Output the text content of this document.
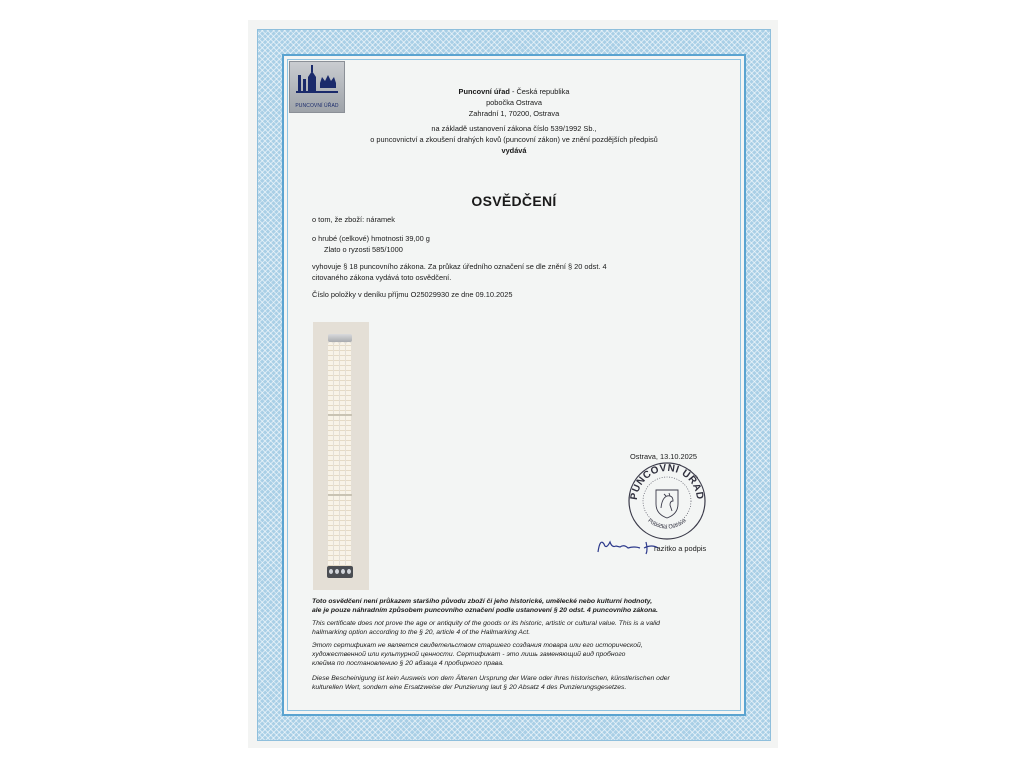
PUNCOVNÍ ÚŘAD
Puncovní úřad - Česká republika
pobočka Ostrava
Zahradní 1, 70200, Ostrava
na základě ustanovení zákona číslo 539/1992 Sb.,
o puncovnictví a zkoušení drahých kovů (puncovní zákon) ve znění pozdějších předpisů
vydává
OSVĚDČENÍ
o tom, že zboží: náramek
o hrubé (celkové) hmotnosti 39,00 g
Zlato o ryzosti 585/1000
vyhovuje § 18 puncovního zákona. Za průkaz úředního označení se dle znění § 20 odst. 4
citovaného zákona vydává toto osvědčení.
Číslo položky v deníku příjmu O25029930 ze dne 09.10.2025
Ostrava, 13.10.2025
PUNCOVNÍ ÚŘAD
Pobočka Ostrava
razítko a podpis
Toto osvědčení není průkazem staršího původu zboží či jeho historické, umělecké nebo kulturní hodnoty,
ale je pouze náhradním způsobem puncovního označení podle ustanovení § 20 odst. 4 puncovního zákona.
This certificate does not prove the age or antiquity of the goods or its historic, artistic or cultural value. This is a valid
hallmarking option according to the § 20, article 4 of the Hallmarking Act.
Этот сертификат не является свидетельством старшего создания товара или его исторической,
художественной или культурной ценности. Сертификат - это лишь заменяющий вид пробного
клейма по постановлению § 20 абзаца 4 пробирного права.
Diese Bescheinigung ist kein Ausweis von dem Älteren Ursprung der Ware oder ihres historischen, künstlerischen oder
kulturellen Wert, sondern eine Ersatzweise der Punzierung laut § 20 Absatz 4 des Punzierungsgesetzes.
